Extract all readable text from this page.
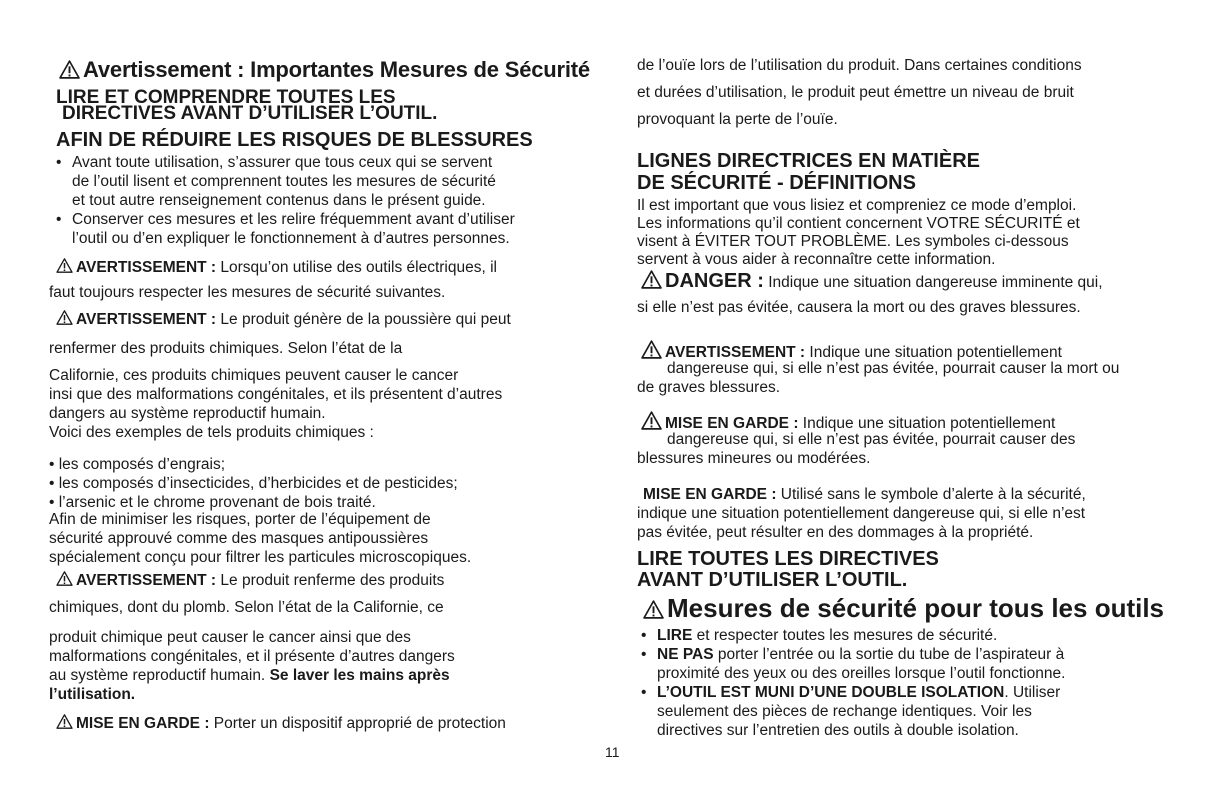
Avertissement : Importantes Mesures de Sécurité
LIRE ET COMPRENDRE TOUTES LES
DIRECTIVES AVANT D’UTILISER L’OUTIL.
AFIN DE RÉDUIRE LES RISQUES DE BLESSURES
• Avant toute utilisation, s’assurer que tous ceux qui se servent
de l’outil lisent et comprennent toutes les mesures de sécurité
et tout autre renseignement contenus dans le présent guide.
• Conserver ces mesures et les relire fréquemment avant d’utiliser
l’outil ou d’en expliquer le fonctionnement à d’autres personnes.
AVERTISSEMENT : Lorsqu’on utilise des outils électriques, il
faut toujours respecter les mesures de sécurité suivantes.
AVERTISSEMENT : Le produit génère de la poussière qui peut
renfermer des produits chimiques. Selon l’état de la
Californie, ces produits chimiques peuvent causer le cancer
insi que des malformations congénitales, et ils présentent d’autres
dangers au système reproductif humain.
Voici des exemples de tels produits chimiques :
• les composés d’engrais;
• les composés d’insecticides, d’herbicides et de pesticides;
• l’arsenic et le chrome provenant de bois traité.
Afin de minimiser les risques, porter de l’équipement de
sécurité approuvé comme des masques antipoussières
spécialement conçu pour filtrer les particules microscopiques.
AVERTISSEMENT : Le produit renferme des produits
chimiques, dont du plomb. Selon l’état de la Californie, ce
produit chimique peut causer le cancer ainsi que des
malformations congénitales, et il présente d’autres dangers
au système reproductif humain. Se laver les mains après
l’utilisation.
MISE EN GARDE : Porter un dispositif approprié de protection
de l’ouïe lors de l’utilisation du produit. Dans certaines conditions
et durées d’utilisation, le produit peut émettre un niveau de bruit
provoquant la perte de l’ouïe.
LIGNES DIRECTRICES EN MATIÈRE
DE SÉCURITÉ - DÉFINITIONS
Il est important que vous lisiez et compreniez ce mode d’emploi.
Les informations qu’il contient concernent VOTRE SÉCURITÉ et
visent à ÉVITER TOUT PROBLÈME. Les symboles ci-dessous
servent à vous aider à reconnaître cette information.
DANGER : Indique une situation dangereuse imminente qui,
si elle n’est pas évitée, causera la mort ou des graves blessures.
AVERTISSEMENT : Indique une situation potentiellement
dangereuse qui, si elle n’est pas évitée, pourrait causer la mort ou
de graves blessures.
MISE EN GARDE : Indique une situation potentiellement
dangereuse qui, si elle n’est pas évitée, pourrait causer des
blessures mineures ou modérées.
MISE EN GARDE : Utilisé sans le symbole d’alerte à la sécurité,
indique une situation potentiellement dangereuse qui, si elle n’est
pas évitée, peut résulter en des dommages à la propriété.
LIRE TOUTES LES DIRECTIVES
AVANT D’UTILISER L’OUTIL.
Mesures de sécurité pour tous les outils
• LIRE et respecter toutes les mesures de sécurité.
• NE PAS porter l’entrée ou la sortie du tube de l’aspirateur à
proximité des yeux ou des oreilles lorsque l’outil fonctionne.
• L’OUTIL EST MUNI D’UNE DOUBLE ISOLATION. Utiliser
seulement des pièces de rechange identiques. Voir les
directives sur l’entretien des outils à double isolation.
11
